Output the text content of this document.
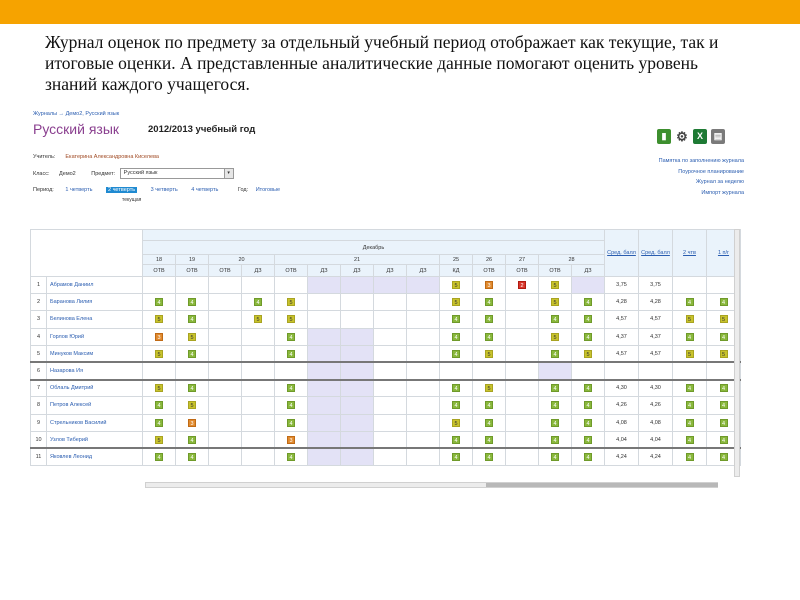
Журнал оценок по предмету за отдельный учебный период отображает как текущие, так и итоговые оценки. А представленные аналитические данные помогают оценить уровень знаний каждого учащегося.

Журналы → Демо2, Русский язык
Русский язык	2012/2013 учебный год
Учитель: Екатерина Александровна Киселева
Класс: Демо2	Предмет: Русский язык	▾
Период: 1 четверть	2 четверть	3 четверть 4 четверть	Год: Итоговые
текущая
▮ ⚙	X	▤
Памятка по заполнению журнала
Поурочное планирование
Журнал за неделю
Импорт журнала
																Сред. балл	Сред. балл	2 чтв	1 п/г
		Декабрь																	
		18	19	20		21					25	26	27	28					
		ОТВ	ОТВ	ОТВ	ДЗ	ОТВ	ДЗ	ДЗ	ДЗ	ДЗ	КД	ОТВ	ОТВ	ОТВ	ДЗ				
1	Абрамов Даниил										5	3	2	5		3,75	3,75		
2	Баранова Лилия	4	4		4	5					5	4		5	4	4,28	4,28	4	4
3	Белинова Елена	5	4		5	5					4	4		4	4	4,57	4,57	5	5
4	Горлов Юрий	3	5			4					4	4		5	4	4,37	4,37	4	4
5	Минуков Максим	5	4			4					4	5		4	5	4,57	4,57	5	5
6	Назарова Ия																		
7	Облаль Дмитрий	5	4			4					4	5		4	4	4,30	4,30	4	4
8	Петров Алексей	4	5			4					4	4		4	4	4,26	4,26	4	4
9	Стрельников Василий	4	3			4					5	4		4	4	4,08	4,08	4	4
10	Узлов Тиберий	5	4			3					4	4		4	4	4,04	4,04	4	4
11	Яковлев Леонид	4	4			4					4	4		4	4	4,24	4,24	4	4
